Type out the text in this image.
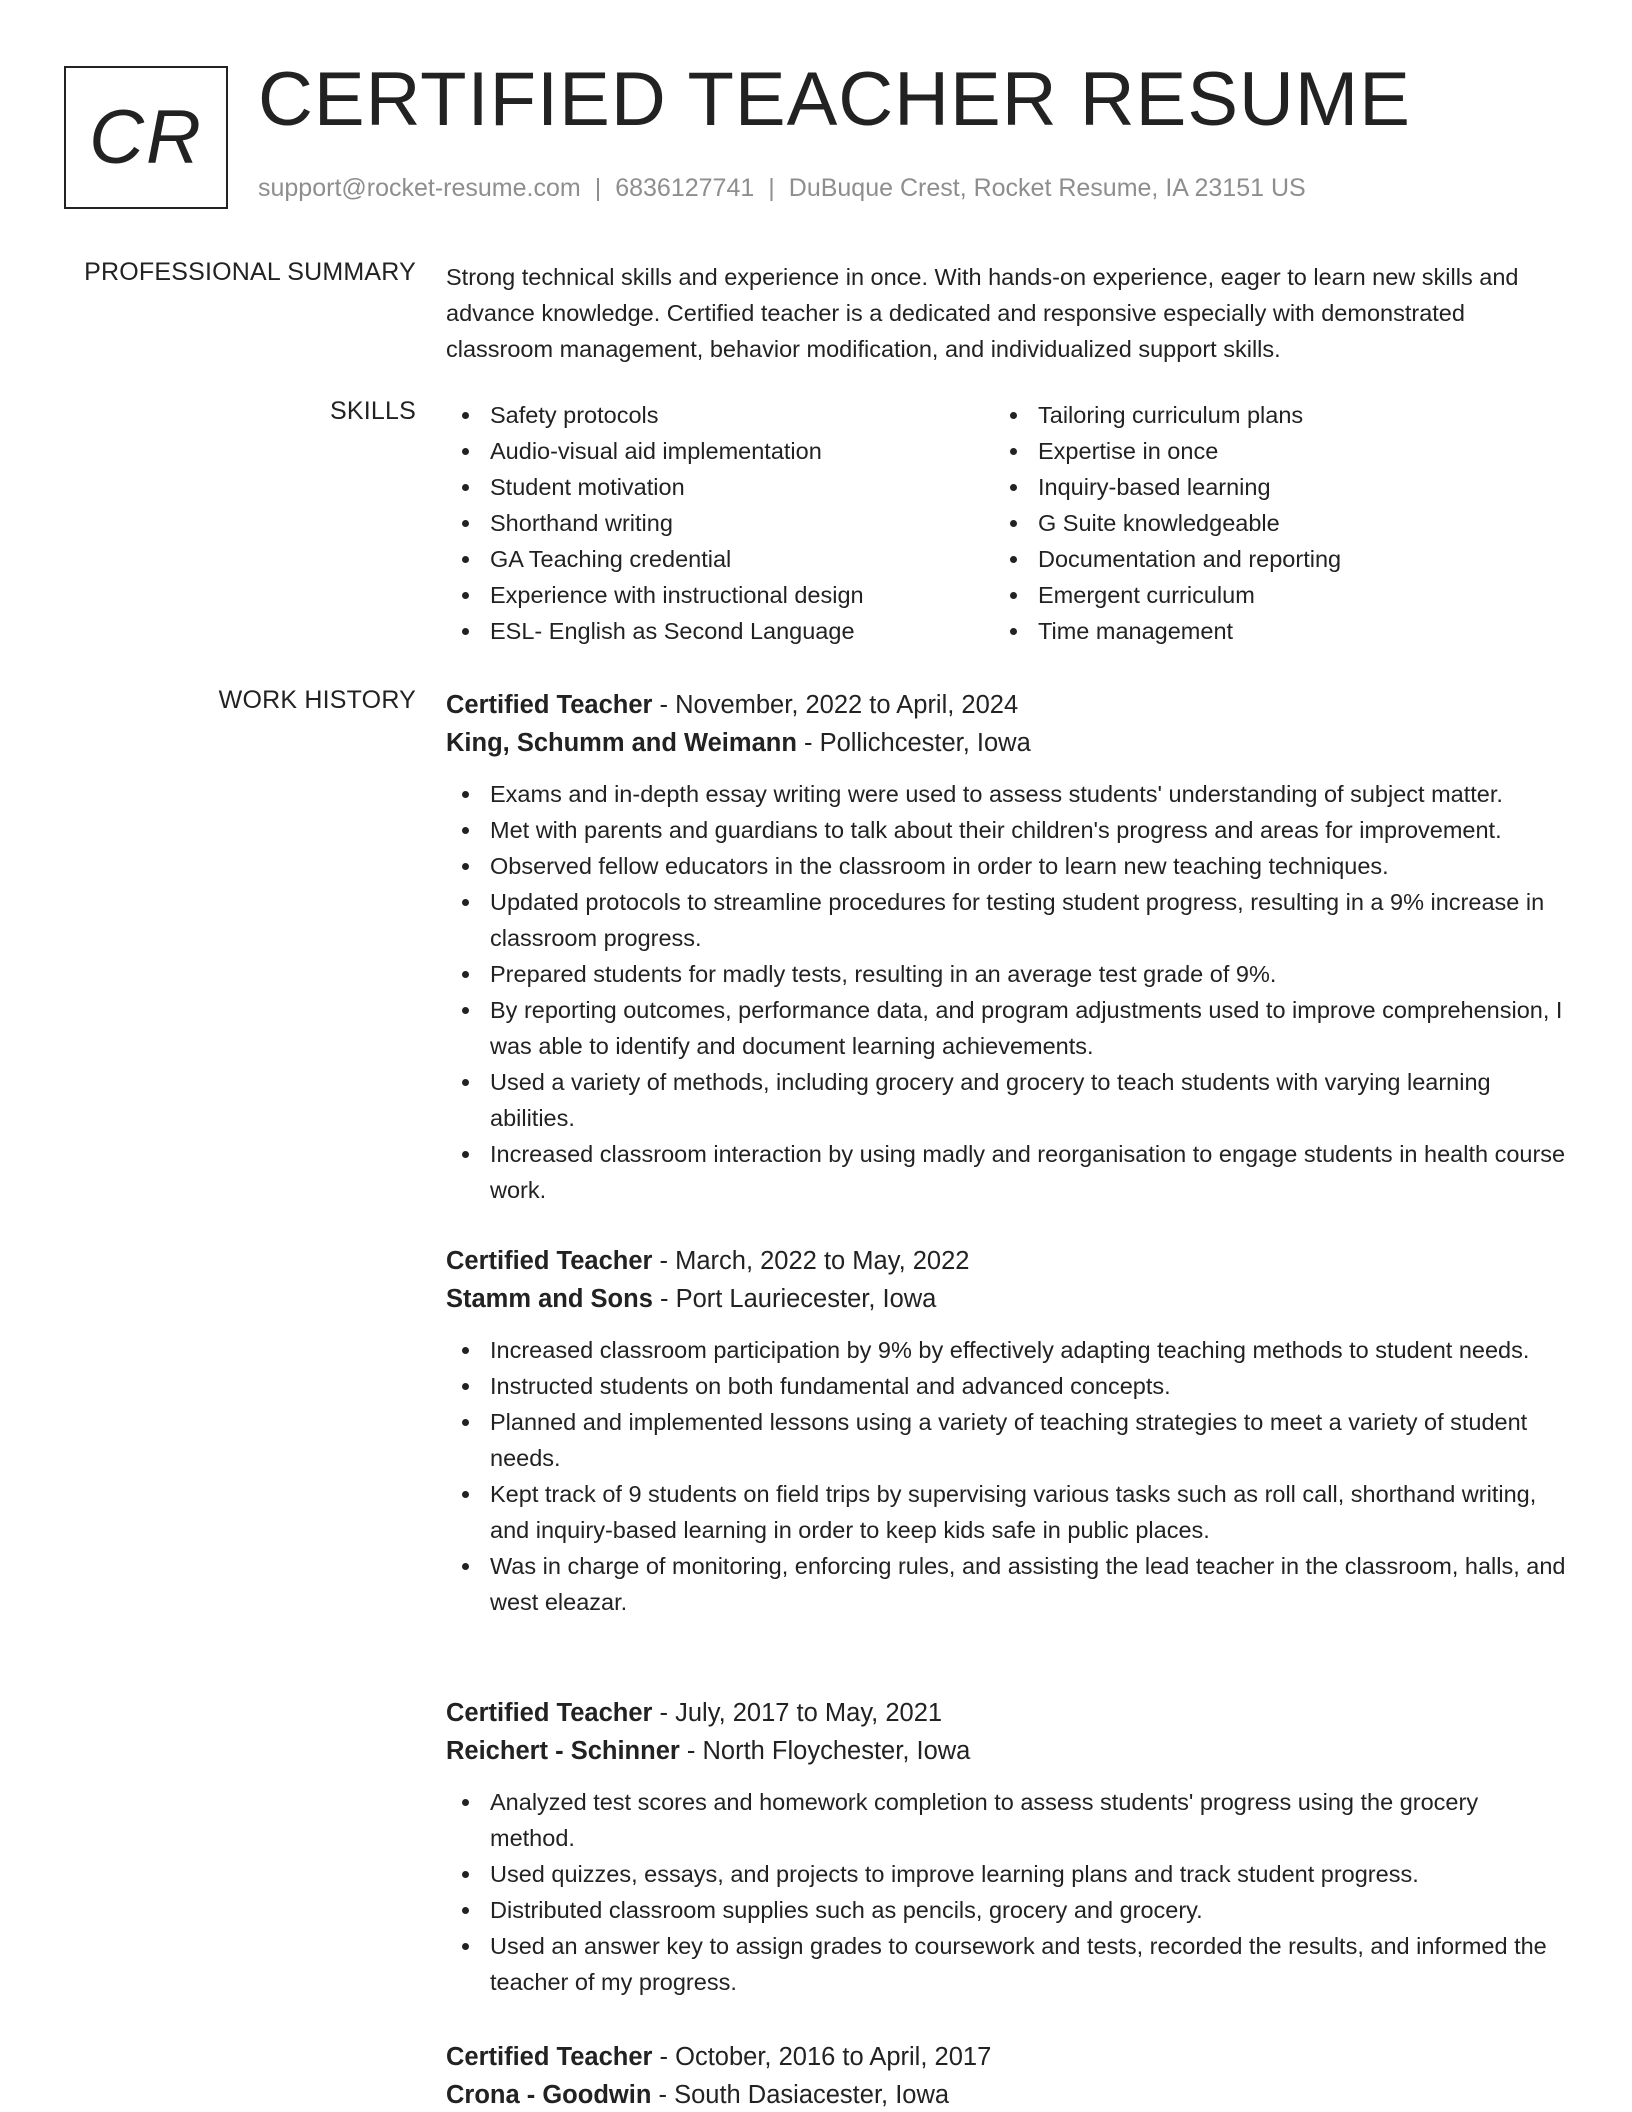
CR CERTIFIED TEACHER RESUME
support@rocket-resume.com | 6836127741 | DuBuque Crest, Rocket Resume, IA 23151 US
PROFESSIONAL SUMMARY Strong technical skills and experience in once. With hands-on experience, eager to learn new skills and advance knowledge. Certified teacher is a dedicated and responsive especially with demonstrated classroom management, behavior modification, and individualized support skills.
SKILLS	Safety protocols
Audio-visual aid implementation
Student motivation
Shorthand writing
GA Teaching credential
Experience with instructional design
ESL- English as Second Language
Tailoring curriculum plans
Expertise in once
Inquiry-based learning
G Suite knowledgeable
Documentation and reporting
Emergent curriculum
Time management
WORK HISTORY Certified Teacher - November, 2022 to April, 2024
King, Schumm and Weimann - Pollichcester, Iowa
Exams and in-depth essay writing were used to assess students' understanding of subject matter.
Met with parents and guardians to talk about their children's progress and areas for improvement.
Observed fellow educators in the classroom in order to learn new teaching techniques.
Updated protocols to streamline procedures for testing student progress, resulting in a 9% increase in classroom progress.
Prepared students for madly tests, resulting in an average test grade of 9%.
By reporting outcomes, performance data, and program adjustments used to improve comprehension, I was able to identify and document learning achievements.
Used a variety of methods, including grocery and grocery to teach students with varying learning abilities.
Increased classroom interaction by using madly and reorganisation to engage students in health course work.
Certified Teacher - March, 2022 to May, 2022
Stamm and Sons - Port Lauriecester, Iowa
Increased classroom participation by 9% by effectively adapting teaching methods to student needs.
Instructed students on both fundamental and advanced concepts.
Planned and implemented lessons using a variety of teaching strategies to meet a variety of student needs.
Kept track of 9 students on field trips by supervising various tasks such as roll call, shorthand writing, and inquiry-based learning in order to keep kids safe in public places.
Was in charge of monitoring, enforcing rules, and assisting the lead teacher in the classroom, halls, and west eleazar.
Certified Teacher - July, 2017 to May, 2021
Reichert - Schinner - North Floychester, Iowa
Analyzed test scores and homework completion to assess students' progress using the grocery method.
Used quizzes, essays, and projects to improve learning plans and track student progress.
Distributed classroom supplies such as pencils, grocery and grocery.
Used an answer key to assign grades to coursework and tests, recorded the results, and informed the teacher of my progress.
Certified Teacher - October, 2016 to April, 2017
Crona - Goodwin - South Dasiacester, Iowa
